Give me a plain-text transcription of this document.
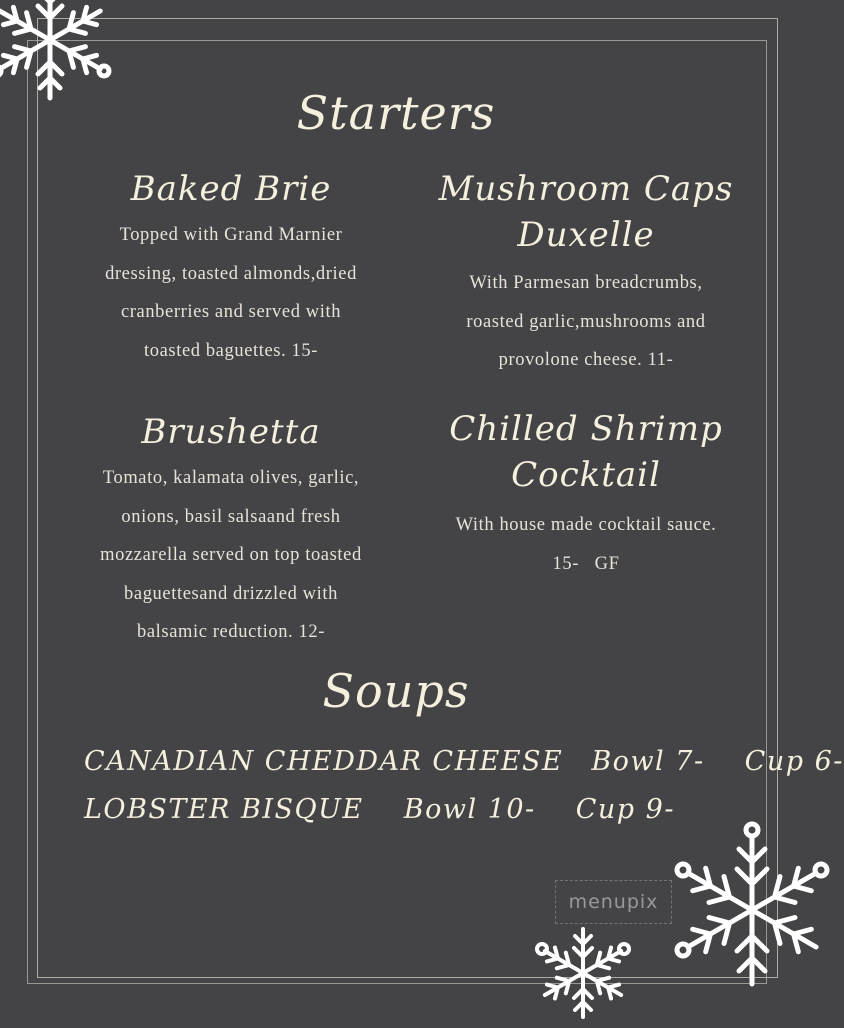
menupix
Starters
Baked Brie
Topped with Grand Marnier
dressing, toasted almonds,dried
cranberries and served with
toasted baguettes. 15-
Mushroom Caps
Duxelle
With Parmesan breadcrumbs,
roasted garlic,mushrooms and
provolone cheese. 11-
Brushetta
Tomato, kalamata olives, garlic,
onions, basil salsaand fresh
mozzarella served on top toasted
baguettesand drizzled with
balsamic reduction. 12-
Chilled Shrimp
Cocktail
With house made cocktail sauce.
15-   GF
Soups
CANADIAN CHEDDAR CHEESE Bowl 7- Cup 6-
LOBSTER BISQUE Bowl 10- Cup 9-
